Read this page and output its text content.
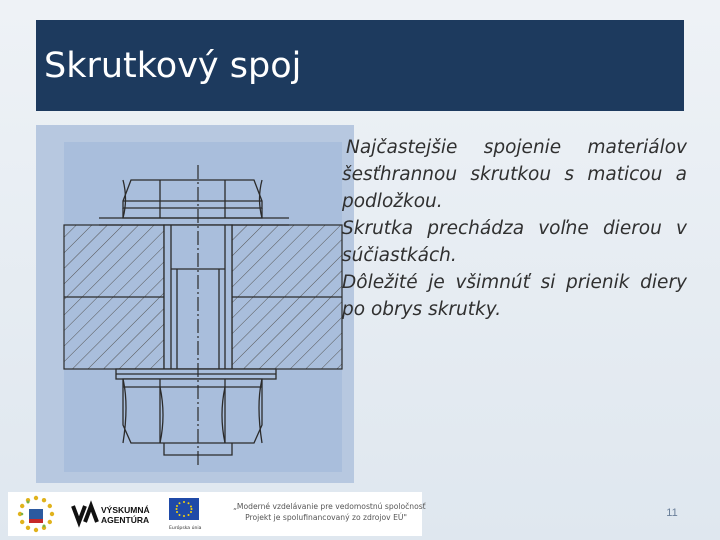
Skrutkový spoj

Najčastejšie spojenie materiálov šesťhrannou skrutkou s maticou a podložkou.

Skrutka prechádza voľne dierou v súčiastkách.

Dôležité je všimnúť si prienik diery po obrys skrutky.

VÝSKUMNÁ
AGENTÚRA
Európska únia
„Moderné vzdelávanie pre vedomostnú spoločnosť
Projekt je spolufinancovaný zo zdrojov EÚ"	11
